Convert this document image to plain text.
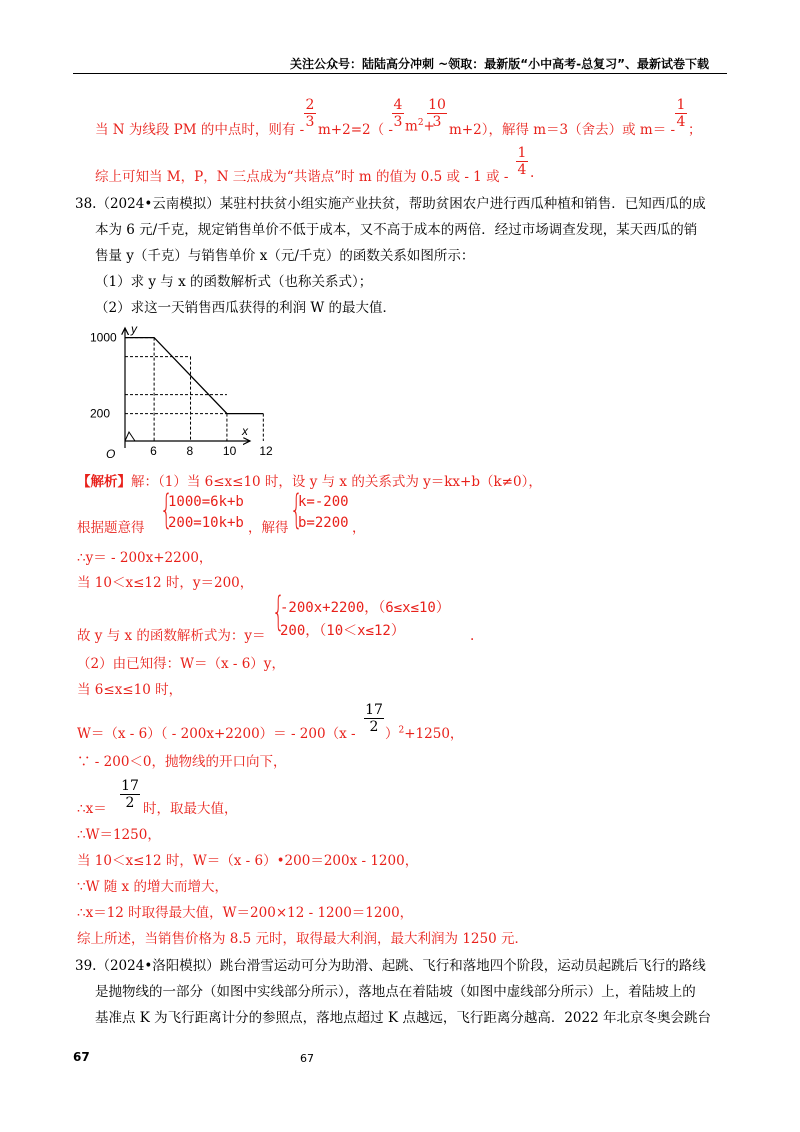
关注公众号：陆陆高分冲刺 ~领取：最新版“小中高考-总复习”、最新试卷下载
当 N 为线段 PM 的中点时，则有 -
2
3 m+2=2（ -
4
3 $m^2+$
10
3 m+2），解得 m＝3（舍去）或 m＝ -
1
4 ；
综上可知当 M，P，N 三点成为“共谐点”时 m 的值为 0.5 或 - 1 或 -
1
4 .
38.（2024•云南模拟）某驻村扶贫小组实施产业扶贫，帮助贫困农户进行西瓜种植和销售．已知西瓜的成
本为 6 元/千克，规定销售单价不低于成本，又不高于成本的两倍．经过市场调查发现，某天西瓜的销
售量 y（千克）与销售单价 x（元/千克）的函数关系如图所示：
（1）求 y 与 x 的函数解析式（也称关系式）；
（2）求这一天销售西瓜获得的利润 W 的最大值．
y
x
O	6 8 10 12
200
1000
【解析】解：（1）当 6≤x≤10 时，设 y 与 x 的关系式为 y＝kx+b（k≠0），
根据题意得 {
1000=6k+b
200=10k+b ，解得 {
k=-200
b=2200 ，
∴y＝ - 200x+2200，
当 10＜x≤12 时，y＝200，
故 y 与 x 的函数解析式为：y＝
{
-200x+2200，（6≤x≤10）
200，（10＜x≤12）	.
（2）由已知得：W＝（x - 6）y，
当 6≤x≤10 时，
W＝（x - 6）（ - 200x+2200）＝ - 200（x -
17
2 ）$^2$+1250，
∵ - 200＜0，抛物线的开口向下，
∴x＝
17
2 时，取最大值，
∴W＝1250，
当 10＜x≤12 时，W＝（x - 6）•200＝200x - 1200，
∵W 随 x 的增大而增大，
∴x＝12 时取得最大值，W＝200×12 - 1200＝1200，
综上所述，当销售价格为 8.5 元时，取得最大利润，最大利润为 1250 元．
39.（2024•洛阳模拟）跳台滑雪运动可分为助滑、起跳、飞行和落地四个阶段，运动员起跳后飞行的路线
是抛物线的一部分（如图中实线部分所示），落地点在着陆坡（如图中虚线部分所示）上，着陆坡上的
基准点 K 为飞行距离计分的参照点，落地点超过 K 点越远，飞行距离分越高．2022 年北京冬奥会跳台
67	67
